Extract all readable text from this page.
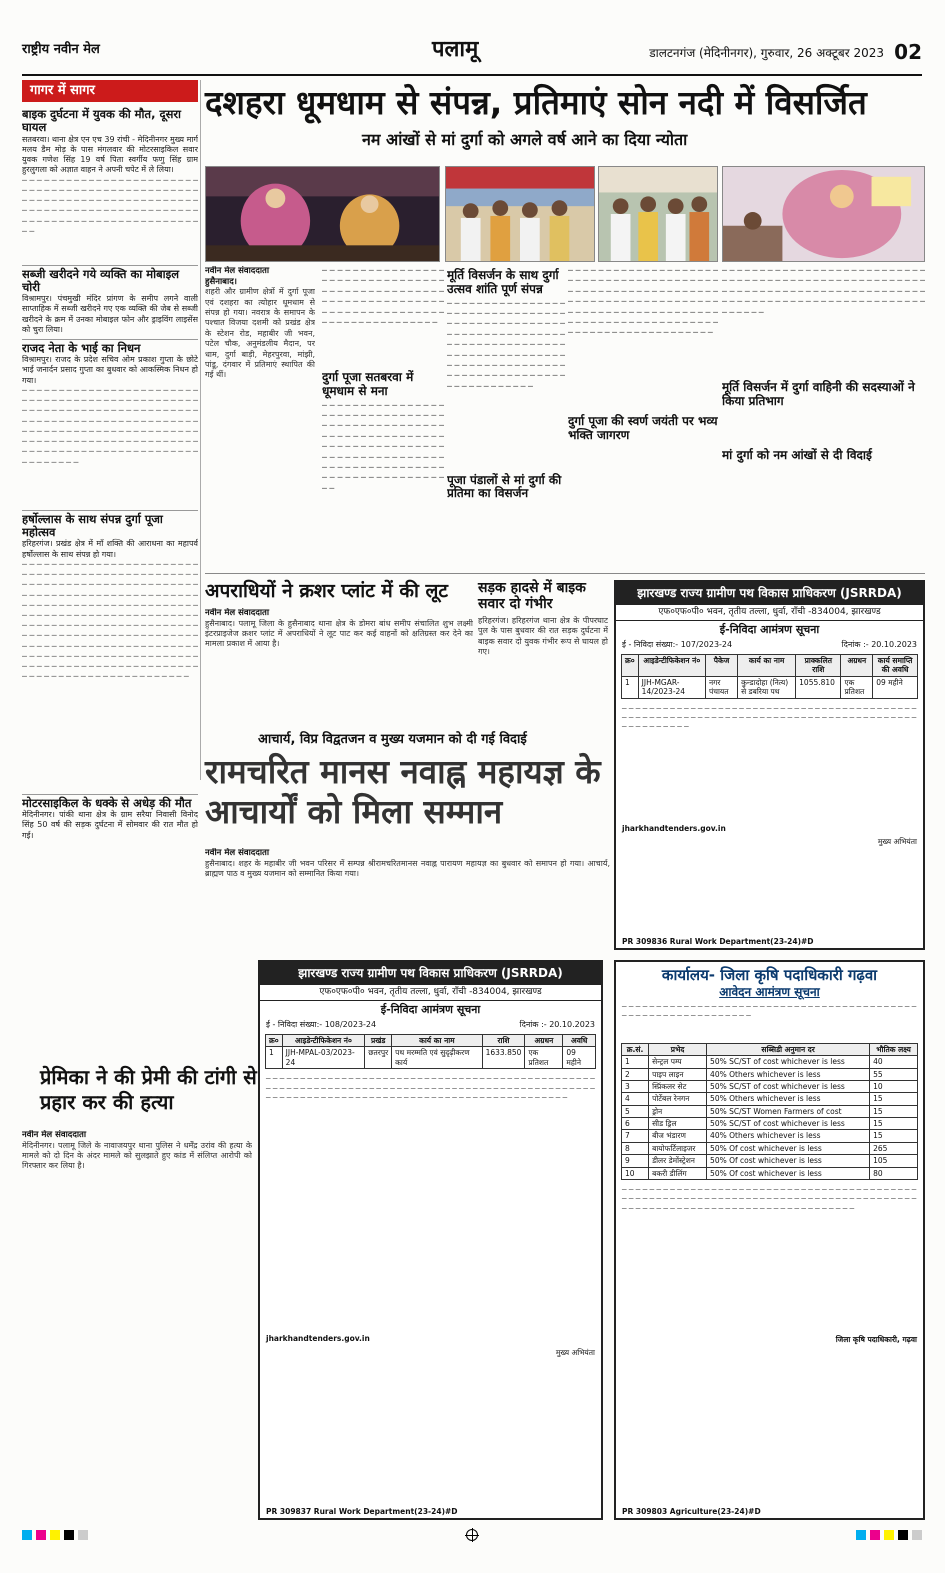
राष्ट्रीय नवीन मेल	पलामू	डालटनगंज (मेदिनीनगर), गुरुवार, 26 अक्टूबर 2023 02
गागर में सागर
बाइक दुर्घटना में युवक की मौत, दूसरा घायल
सतबरवा। थाना क्षेत्र एन एच 39 रांची - मेदिनीनगर मुख्य मार्ग मलय डैम मोड़ के पास मंगलवार की मोटरसाइकिल सवार युवक गणेश सिंह 19 वर्ष पिता स्वर्गीय फणु सिंह ग्राम हुरलुगला को अज्ञात वाहन ने अपनी चपेट में ले लिया।
─ ─ ─ ─ ─ ─ ─ ─ ─ ─ ─ ─ ─ ─ ─ ─ ─ ─ ─ ─ ─ ─ ─ ─ ─ ─ ─ ─ ─ ─ ─ ─ ─ ─ ─ ─ ─ ─ ─ ─ ─ ─ ─ ─ ─ ─ ─ ─ ─ ─ ─ ─ ─ ─ ─ ─ ─ ─ ─ ─ ─ ─ ─ ─ ─ ─ ─ ─ ─ ─ ─ ─ ─ ─ ─ ─ ─ ─ ─ ─ ─ ─ ─ ─ ─ ─ ─ ─ ─ ─ ─ ─ ─ ─ ─ ─ ─ ─ ─ ─ ─ ─ ─ ─ ─ ─ ─ ─ ─ ─ ─ ─ ─ ─ ─ ─ ─ ─ ─ ─ ─ ─
सब्जी खरीदने गये व्यक्ति का मोबाइल चोरी
विश्रामपुर। पंचमुखी मंदिर प्रांगण के समीप लगने वाली साप्ताहिक में सब्जी खरीदने गए एक व्यक्ति की जेब से सब्जी खरीदने के क्रम में उनका मोबाइल फोन और ड्राइविंग लाइसेंस को चुरा लिया।
राजद नेता के भाई का निधन
विश्रामपुर। राजद के प्रदेश सचिव ओम प्रकाश गुप्ता के छोटे भाई जनार्दन प्रसाद गुप्ता का बुधवार को आकस्मिक निधन हो गया।
─ ─ ─ ─ ─ ─ ─ ─ ─ ─ ─ ─ ─ ─ ─ ─ ─ ─ ─ ─ ─ ─ ─ ─ ─ ─ ─ ─ ─ ─ ─ ─ ─ ─ ─ ─ ─ ─ ─ ─ ─ ─ ─ ─ ─ ─ ─ ─ ─ ─ ─ ─ ─ ─ ─ ─ ─ ─ ─ ─ ─ ─ ─ ─ ─ ─ ─ ─ ─ ─ ─ ─ ─ ─ ─ ─ ─ ─ ─ ─ ─ ─ ─ ─ ─ ─ ─ ─ ─ ─ ─ ─ ─ ─ ─ ─ ─ ─ ─ ─ ─ ─ ─ ─ ─ ─ ─ ─ ─ ─ ─ ─ ─ ─ ─ ─ ─ ─ ─ ─ ─ ─ ─ ─ ─ ─ ─ ─ ─ ─ ─ ─ ─ ─ ─ ─ ─ ─ ─ ─ ─ ─ ─ ─ ─ ─ ─ ─ ─ ─ ─ ─ ─ ─ ─ ─ ─ ─ ─ ─ ─ ─ ─ ─ ─ ─ ─ ─ ─ ─ ─ ─ ─ ─ ─ ─
हर्षोल्लास के साथ संपन्न दुर्गा पूजा महोत्सव
हरिहरगंज। प्रखंड क्षेत्र में माँ शक्ति की आराधना का महापर्व हर्षोल्लास के साथ संपन्न हो गया।
─ ─ ─ ─ ─ ─ ─ ─ ─ ─ ─ ─ ─ ─ ─ ─ ─ ─ ─ ─ ─ ─ ─ ─ ─ ─ ─ ─ ─ ─ ─ ─ ─ ─ ─ ─ ─ ─ ─ ─ ─ ─ ─ ─ ─ ─ ─ ─ ─ ─ ─ ─ ─ ─ ─ ─ ─ ─ ─ ─ ─ ─ ─ ─ ─ ─ ─ ─ ─ ─ ─ ─ ─ ─ ─ ─ ─ ─ ─ ─ ─ ─ ─ ─ ─ ─ ─ ─ ─ ─ ─ ─ ─ ─ ─ ─ ─ ─ ─ ─ ─ ─ ─ ─ ─ ─ ─ ─ ─ ─ ─ ─ ─ ─ ─ ─ ─ ─ ─ ─ ─ ─ ─ ─ ─ ─ ─ ─ ─ ─ ─ ─ ─ ─ ─ ─ ─ ─ ─ ─ ─ ─ ─ ─ ─ ─ ─ ─ ─ ─ ─ ─ ─ ─ ─ ─ ─ ─ ─ ─ ─ ─ ─ ─ ─ ─ ─ ─ ─ ─ ─ ─ ─ ─ ─ ─ ─ ─ ─ ─ ─ ─ ─ ─ ─ ─ ─ ─ ─ ─ ─ ─ ─ ─ ─ ─ ─ ─ ─ ─ ─ ─ ─ ─ ─ ─ ─ ─ ─ ─ ─ ─ ─ ─ ─ ─ ─ ─ ─ ─ ─ ─ ─ ─ ─ ─ ─ ─ ─ ─ ─ ─ ─ ─ ─ ─ ─ ─ ─ ─ ─ ─ ─ ─ ─ ─ ─ ─ ─ ─ ─ ─ ─ ─ ─ ─ ─ ─ ─ ─ ─ ─ ─ ─ ─ ─ ─ ─ ─ ─ ─ ─ ─ ─ ─ ─ ─ ─ ─ ─ ─ ─ ─ ─ ─ ─ ─
मोटरसाइकिल के धक्के से अधेड़ की मौत
मेदिनीनगर। पांकी थाना क्षेत्र के ग्राम सरैया निवासी विनोद सिंह 50 वर्ष की सड़क दुर्घटना में सोमवार की रात मौत हो गई।
दशहरा धूमधाम से संपन्न, प्रतिमाएं सोन नदी में विसर्जित
नम आंखों से मां दुर्गा को अगले वर्ष आने का दिया न्योता
नवीन मेल संवाददाता
हुसैनाबाद।
शहरी और ग्रामीण क्षेत्रों में दुर्गा पूजा एवं दशहरा का त्योहार धूमधाम से संपन्न हो गया। नवरात्र के समापन के पश्चात विजया दशमी को प्रखंड क्षेत्र के स्टेशन रोड, महाबीर जी भवन, पटेल चौक, अनुमंडलीय मैदान, पर धाम, दुर्गा बाड़ी, मेहरपुरवा, मांझी, पांडू, दंगवार में प्रतिमाएं स्थापित की गई थीं।
─ ─ ─ ─ ─ ─ ─ ─ ─ ─ ─ ─ ─ ─ ─ ─ ─ ─ ─ ─ ─ ─ ─ ─ ─ ─ ─ ─ ─ ─ ─ ─ ─ ─ ─ ─ ─ ─ ─ ─ ─ ─ ─ ─ ─ ─ ─ ─ ─ ─ ─ ─ ─ ─ ─ ─ ─ ─ ─ ─ ─ ─ ─ ─ ─ ─ ─ ─ ─ ─ ─ ─ ─ ─ ─ ─ ─ ─ ─ ─ ─ ─ ─ ─ ─ ─ ─ ─ ─ ─ ─ ─ ─ ─ ─ ─
दुर्गा पूजा सतबरवा में धूमधाम से मना
─ ─ ─ ─ ─ ─ ─ ─ ─ ─ ─ ─ ─ ─ ─ ─ ─ ─ ─ ─ ─ ─ ─ ─ ─ ─ ─ ─ ─ ─ ─ ─ ─ ─ ─ ─ ─ ─ ─ ─ ─ ─ ─ ─ ─ ─ ─ ─ ─ ─ ─ ─ ─ ─ ─ ─ ─ ─ ─ ─ ─ ─ ─ ─ ─ ─ ─ ─ ─ ─ ─ ─ ─ ─ ─ ─ ─ ─ ─ ─ ─ ─ ─ ─ ─ ─ ─ ─ ─ ─ ─ ─ ─ ─ ─ ─ ─ ─ ─ ─ ─ ─ ─ ─ ─ ─ ─ ─ ─ ─ ─ ─ ─ ─ ─ ─ ─ ─ ─ ─ ─ ─ ─ ─ ─ ─ ─ ─ ─ ─
मूर्ति विसर्जन के साथ दुर्गा उत्सव शांति पूर्ण संपन्न
─ ─ ─ ─ ─ ─ ─ ─ ─ ─ ─ ─ ─ ─ ─ ─ ─ ─ ─ ─ ─ ─ ─ ─ ─ ─ ─ ─ ─ ─ ─ ─ ─ ─ ─ ─ ─ ─ ─ ─ ─ ─ ─ ─ ─ ─ ─ ─ ─ ─ ─ ─ ─ ─ ─ ─ ─ ─ ─ ─ ─ ─ ─ ─ ─ ─ ─ ─ ─ ─ ─ ─ ─ ─ ─ ─ ─ ─ ─ ─ ─ ─ ─ ─ ─ ─ ─ ─ ─ ─ ─ ─ ─ ─ ─ ─ ─ ─ ─ ─ ─ ─ ─ ─ ─ ─ ─ ─ ─ ─ ─ ─ ─ ─ ─ ─ ─ ─ ─ ─ ─ ─ ─ ─ ─ ─ ─ ─ ─ ─ ─ ─ ─ ─ ─ ─ ─ ─ ─ ─
पूजा पंडालों से मां दुर्गा की प्रतिमा का विसर्जन
─ ─ ─ ─ ─ ─ ─ ─ ─ ─ ─ ─ ─ ─ ─ ─ ─ ─ ─ ─ ─ ─ ─ ─ ─ ─ ─ ─ ─ ─ ─ ─ ─ ─ ─ ─ ─ ─ ─ ─ ─ ─ ─ ─ ─ ─ ─ ─ ─ ─ ─ ─ ─ ─ ─ ─ ─ ─ ─ ─ ─ ─ ─ ─ ─ ─ ─ ─ ─ ─ ─ ─ ─ ─ ─ ─ ─ ─ ─ ─ ─ ─ ─ ─ ─ ─ ─ ─ ─ ─ ─ ─ ─ ─ ─ ─ ─ ─ ─ ─ ─ ─ ─ ─ ─ ─ ─ ─ ─ ─ ─ ─ ─ ─ ─ ─ ─ ─ ─ ─ ─ ─ ─ ─ ─ ─ ─ ─ ─ ─ ─ ─ ─ ─ ─ ─ ─ ─ ─ ─
दुर्गा पूजा की स्वर्ण जयंती पर भव्य भक्ति जागरण
─ ─ ─ ─ ─ ─ ─ ─ ─ ─ ─ ─ ─ ─ ─ ─ ─ ─ ─ ─ ─ ─ ─ ─ ─ ─ ─ ─ ─ ─ ─ ─ ─ ─ ─ ─ ─ ─ ─ ─ ─ ─ ─ ─ ─ ─ ─ ─ ─ ─ ─ ─ ─ ─ ─ ─ ─ ─ ─ ─ ─ ─ ─ ─ ─ ─ ─ ─ ─ ─ ─ ─ ─ ─ ─ ─ ─ ─ ─ ─ ─ ─ ─ ─ ─ ─ ─ ─ ─ ─ ─ ─ ─ ─ ─ ─ ─ ─ ─ ─ ─ ─ ─ ─ ─ ─ ─ ─ ─ ─ ─ ─ ─ ─
मूर्ति विसर्जन में दुर्गा वाहिनी की सदस्याओं ने किया प्रतिभाग
मां दुर्गा को नम आंखों से दी विदाई
अपराधियों ने क्रशर प्लांट में की लूट
नवीन मेल संवाददाता
हुसैनाबाद। पलामू जिला के हुसैनाबाद थाना क्षेत्र के डोमरा बांध समीप संचालित शुभ लक्ष्मी इंटरप्राइजेज क्रशर प्लांट में अपराधियों ने लूट पाट कर कई वाहनों को क्षतिग्रस्त कर देने का मामला प्रकाश में आया है।
सड़क हादसे में बाइक सवार दो गंभीर
हरिहरगंज। हरिहरगंज थाना क्षेत्र के पीपरघाट पुल के पास बुधवार की रात सड़क दुर्घटना में बाइक सवार दो युवक गंभीर रूप से घायल हो गए।
आचार्य, विप्र विद्वतजन व मुख्य यजमान को दी गई विदाई
रामचरित मानस नवाह्न महायज्ञ के आचार्यों को मिला सम्मान
नवीन मेल संवाददाता
हुसैनाबाद। शहर के महाबीर जी भवन परिसर में सम्पन्न श्रीरामचरितमानस नवाह्न पारायण महायज्ञ का बुधवार को समापन हो गया। आचार्य, ब्राह्मण पाठ व मुख्य यजमान को सम्मानित किया गया।
प्रेमिका ने की प्रेमी की टांगी से प्रहार कर की हत्या
नवीन मेल संवाददाता
मेदिनीनगर। पलामू जिले के नावाजयपुर थाना पुलिस ने धर्मेंद्र उरांव की हत्या के मामले को दो दिन के अंदर मामले को सुलझाते हुए कांड में संलिप्त आरोपी को गिरफ्तार कर लिया है।
झारखण्ड राज्य ग्रामीण पथ विकास प्राधिकरण (JSRRDA)
एफ०एफ०पी० भवन, तृतीय तल्ला, धुर्वा, राँची -834004, झारखण्ड
ई-निविदा आमंत्रण सूचना
ई - निविदा संख्या:- 107/2023-24	दिनांक :- 20.10.2023
क्र०	आइडेन्टीफिकेशन नं०	पैकेज	कार्य का नाम	प्राक्कलित राशि	अग्रधन	कार्य समाप्ति की अवधि
1	JJH-MGAR-14/2023-24	नगर पंचायत	कुन्डादोहा (नित्य) से डबरिया पथ	1055.810	एक प्रतिशत	09 महीने
─ ─ ─ ─ ─ ─ ─ ─ ─ ─ ─ ─ ─ ─ ─ ─ ─ ─ ─ ─ ─ ─ ─ ─ ─ ─ ─ ─ ─ ─ ─ ─ ─ ─ ─ ─ ─ ─ ─ ─ ─ ─ ─ ─ ─ ─ ─ ─ ─ ─ ─ ─ ─ ─ ─ ─ ─ ─ ─ ─ ─ ─ ─ ─ ─ ─ ─ ─ ─ ─ ─ ─ ─ ─ ─ ─ ─ ─ ─ ─ ─ ─ ─ ─ ─ ─ ─ ─ ─ ─ ─ ─ ─ ─ ─ ─
jharkhandtenders.gov.in
मुख्य अभियंता
PR 309836 Rural Work Department(23-24)#D
झारखण्ड राज्य ग्रामीण पथ विकास प्राधिकरण (JSRRDA)
एफ०एफ०पी० भवन, तृतीय तल्ला, धुर्वा, राँची -834004, झारखण्ड
ई-निविदा आमंत्रण सूचना
ई - निविदा संख्या:- 108/2023-24	दिनांक :- 20.10.2023
क्र०	आइडेन्टीफिकेशन नं०	प्रखंड	कार्य का नाम	राशि	अग्रधन	अवधि
1	JJH-MPAL-03/2023-24	छतरपुर	पथ मरम्मति एवं सुदृढ़ीकरण कार्य	1633.850	एक प्रतिशत	09 महीने
─ ─ ─ ─ ─ ─ ─ ─ ─ ─ ─ ─ ─ ─ ─ ─ ─ ─ ─ ─ ─ ─ ─ ─ ─ ─ ─ ─ ─ ─ ─ ─ ─ ─ ─ ─ ─ ─ ─ ─ ─ ─ ─ ─ ─ ─ ─ ─ ─ ─ ─ ─ ─ ─ ─ ─ ─ ─ ─ ─ ─ ─ ─ ─ ─ ─ ─ ─ ─ ─ ─ ─ ─ ─ ─ ─ ─ ─ ─ ─ ─ ─ ─ ─ ─ ─ ─ ─ ─ ─ ─ ─ ─ ─ ─ ─ ─ ─ ─ ─ ─ ─ ─ ─ ─ ─ ─ ─ ─ ─ ─ ─ ─ ─ ─ ─ ─ ─ ─ ─ ─ ─ ─ ─ ─ ─ ─ ─ ─ ─ ─ ─ ─ ─ ─ ─ ─ ─ ─ ─
jharkhandtenders.gov.in
मुख्य अभियंता
PR 309837 Rural Work Department(23-24)#D
कार्यालय- जिला कृषि पदाधिकारी गढ़वा
आवेदन आमंत्रण सूचना
─ ─ ─ ─ ─ ─ ─ ─ ─ ─ ─ ─ ─ ─ ─ ─ ─ ─ ─ ─ ─ ─ ─ ─ ─ ─ ─ ─ ─ ─ ─ ─ ─ ─ ─ ─ ─ ─ ─ ─ ─ ─ ─ ─ ─ ─ ─ ─ ─ ─ ─ ─ ─ ─ ─ ─ ─ ─ ─ ─ ─ ─
क्र.सं.	प्रभेद	सब्सिडी अनुमान दर	भौतिक लक्ष्य
1	सेन्ट्रल पम्प	50% SC/ST of cost whichever is less	40
2	पाइप लाइन	40% Others whichever is less	55
3	स्प्रिंकलर सेट	50% SC/ST of cost whichever is less	10
4	पोर्टेबल रेनगन	50% Others whichever is less	15
5	ड्रोन	50% SC/ST Women Farmers of cost	15
6	सीड ड्रिल	50% SC/ST of cost whichever is less	15
7	बीज भंडारण	40% Others whichever is less	15
8	बायोफर्टिलाइजर	50% Of cost whichever is less	265
9	डीलर डेमोंस्ट्रेशन	50% Of cost whichever is less	105
10	बकरी डीलिंग	50% Of cost whichever is less	80
─ ─ ─ ─ ─ ─ ─ ─ ─ ─ ─ ─ ─ ─ ─ ─ ─ ─ ─ ─ ─ ─ ─ ─ ─ ─ ─ ─ ─ ─ ─ ─ ─ ─ ─ ─ ─ ─ ─ ─ ─ ─ ─ ─ ─ ─ ─ ─ ─ ─ ─ ─ ─ ─ ─ ─ ─ ─ ─ ─ ─ ─ ─ ─ ─ ─ ─ ─ ─ ─ ─ ─ ─ ─ ─ ─ ─ ─ ─ ─ ─ ─ ─ ─ ─ ─ ─ ─ ─ ─ ─ ─ ─ ─ ─ ─ ─ ─ ─ ─ ─ ─ ─ ─ ─ ─ ─ ─ ─ ─ ─ ─ ─ ─ ─ ─ ─ ─ ─ ─
जिला कृषि पदाधिकारी, गढ़वा
PR 309803 Agriculture(23-24)#D
